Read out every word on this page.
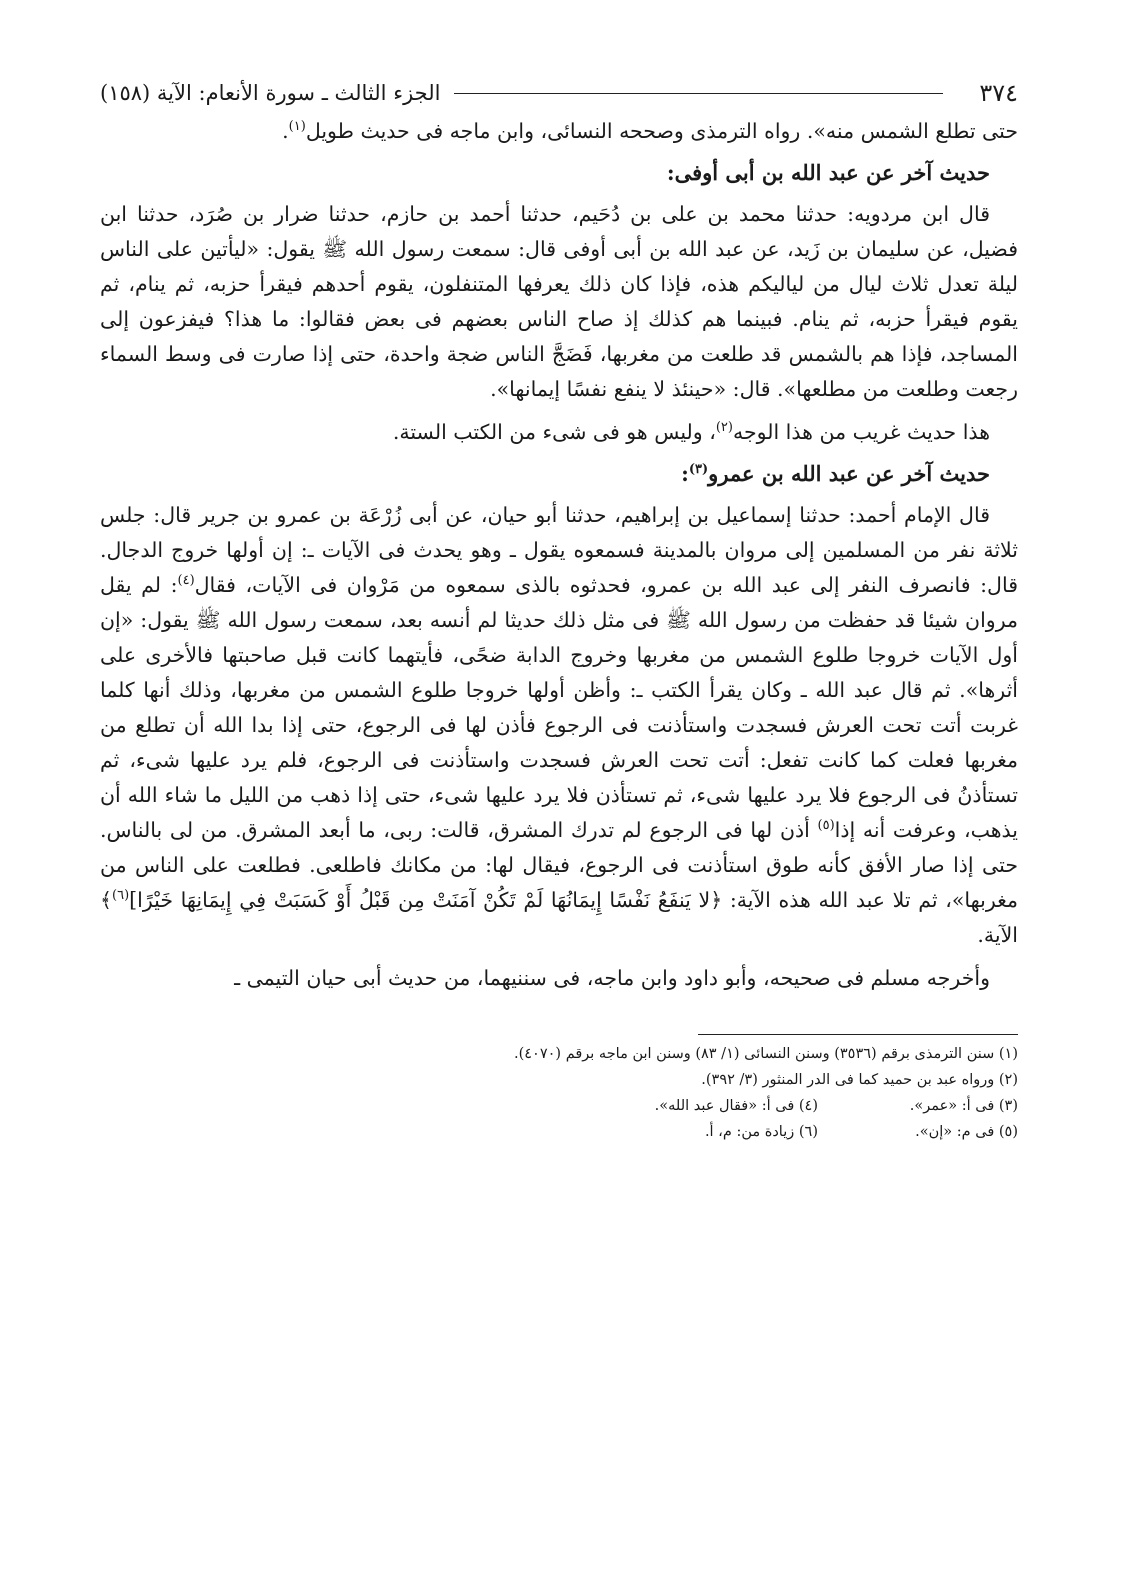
٣٧٤
الجزء الثالث ـ سورة الأنعام: الآية (١٥٨)

حتى تطلع الشمس منه». رواه الترمذى وصححه النسائى، وابن ماجه فى حديث طويل$^{(١)}$.

حديث آخر عن عبد الله بن أبى أوفى:

قال ابن مردويه: حدثنا محمد بن على بن دُحَيم، حدثنا أحمد بن حازم، حدثنا ضرار بن صُرَد، حدثنا ابن فضيل، عن سليمان بن زَيد، عن عبد الله بن أبى أوفى قال: سمعت رسول الله ﷺ يقول: «ليأتين على الناس ليلة تعدل ثلاث ليال من لياليكم هذه، فإذا كان ذلك يعرفها المتنفلون، يقوم أحدهم فيقرأ حزبه، ثم ينام، ثم يقوم فيقرأ حزبه، ثم ينام. فبينما هم كذلك إذ صاح الناس بعضهم فى بعض فقالوا: ما هذا؟ فيفزعون إلى المساجد، فإذا هم بالشمس قد طلعت من مغربها، فَضَجَّ الناس ضجة واحدة، حتى إذا صارت فى وسط السماء رجعت وطلعت من مطلعها». قال: «حينئذ لا ينفع نفسًا إيمانها».

هذا حديث غريب من هذا الوجه$^{(٢)}$، وليس هو فى شىء من الكتب الستة.

حديث آخر عن عبد الله بن عمرو$^{(٣)}$:

قال الإمام أحمد: حدثنا إسماعيل بن إبراهيم، حدثنا أبو حيان، عن أبى زُرْعَة بن عمرو بن جرير قال: جلس ثلاثة نفر من المسلمين إلى مروان بالمدينة فسمعوه يقول ـ وهو يحدث فى الآيات ـ: إن أولها خروج الدجال. قال: فانصرف النفر إلى عبد الله بن عمرو، فحدثوه بالذى سمعوه من مَرْوان فى الآيات، فقال$^{(٤)}$: لم يقل مروان شيئا قد حفظت من رسول الله ﷺ فى مثل ذلك حديثا لم أنسه بعد، سمعت رسول الله ﷺ يقول: «إن أول الآيات خروجا طلوع الشمس من مغربها وخروج الدابة ضحًى، فأيتهما كانت قبل صاحبتها فالأخرى على أثرها». ثم قال عبد الله ـ وكان يقرأ الكتب ـ: وأظن أولها خروجا طلوع الشمس من مغربها، وذلك أنها كلما غربت أتت تحت العرش فسجدت واستأذنت فى الرجوع فأذن لها فى الرجوع، حتى إذا بدا الله أن تطلع من مغربها فعلت كما كانت تفعل: أتت تحت العرش فسجدت واستأذنت فى الرجوع، فلم يرد عليها شىء، ثم تستأذنُ فى الرجوع فلا يرد عليها شىء، ثم تستأذن فلا يرد عليها شىء، حتى إذا ذهب من الليل ما شاء الله أن يذهب، وعرفت أنه إذا$^{(٥)}$ أذن لها فى الرجوع لم تدرك المشرق، قالت: ربى، ما أبعد المشرق. من لى بالناس. حتى إذا صار الأفق كأنه طوق استأذنت فى الرجوع، فيقال لها: من مكانك فاطلعى. فطلعت على الناس من مغربها»، ثم تلا عبد الله هذه الآية: ﴿لا يَنفَعُ نَفْسًا إِيمَانُهَا لَمْ تَكُنْ آمَنَتْ مِن قَبْلُ أَوْ كَسَبَتْ فِي إِيمَانِهَا خَيْرًا]$^{(٦)}$﴾ الآية.

وأخرجه مسلم فى صحيحه، وأبو داود وابن ماجه، فى سننيهما، من حديث أبى حيان التيمى ـ

(١) سنن الترمذى برقم (٣٥٣٦) وسنن النسائى (١/ ٨٣) وسنن ابن ماجه برقم (٤٠٧٠).
(٢) ورواه عبد بن حميد كما فى الدر المنثور (٣/ ٣٩٢).
(٣) فى أ: «عمر».
(٤) فى أ: «فقال عبد الله».
(٥) فى م: «إن».
(٦) زيادة من: م، أ.
